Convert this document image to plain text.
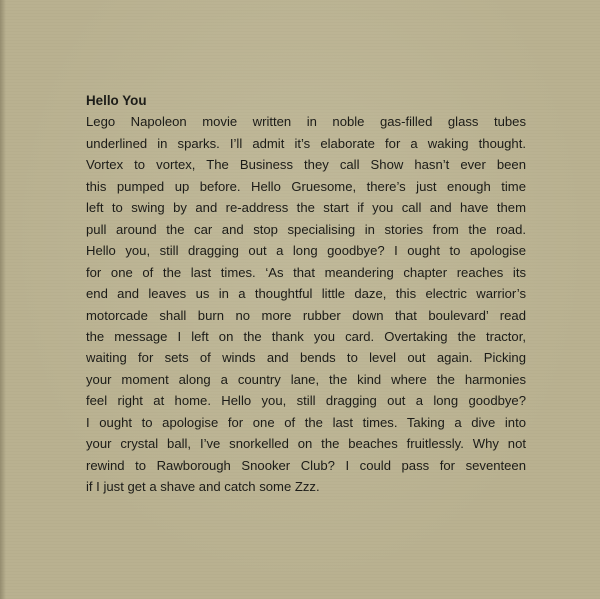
Hello You

Lego Napoleon movie written in noble gas-filled glass tubes
underlined in sparks. I’ll admit it’s elaborate for a waking thought.
Vortex to vortex, The Business they call Show hasn’t ever been
this pumped up before. Hello Gruesome, there’s just enough time
left to swing by and re-address the start if you call and have them
pull around the car and stop specialising in stories from the road.
Hello you, still dragging out a long goodbye? I ought to apologise
for one of the last times. ‘As that meandering chapter reaches its
end and leaves us in a thoughtful little daze, this electric warrior’s
motorcade shall burn no more rubber down that boulevard’ read
the message I left on the thank you card. Overtaking the tractor,
waiting for sets of winds and bends to level out again. Picking
your moment along a country lane, the kind where the harmonies
feel right at home. Hello you, still dragging out a long goodbye?
I ought to apologise for one of the last times. Taking a dive into
your crystal ball, I’ve snorkelled on the beaches fruitlessly. Why not
rewind to Rawborough Snooker Club? I could pass for seventeen
if I just get a shave and catch some Zzz.
